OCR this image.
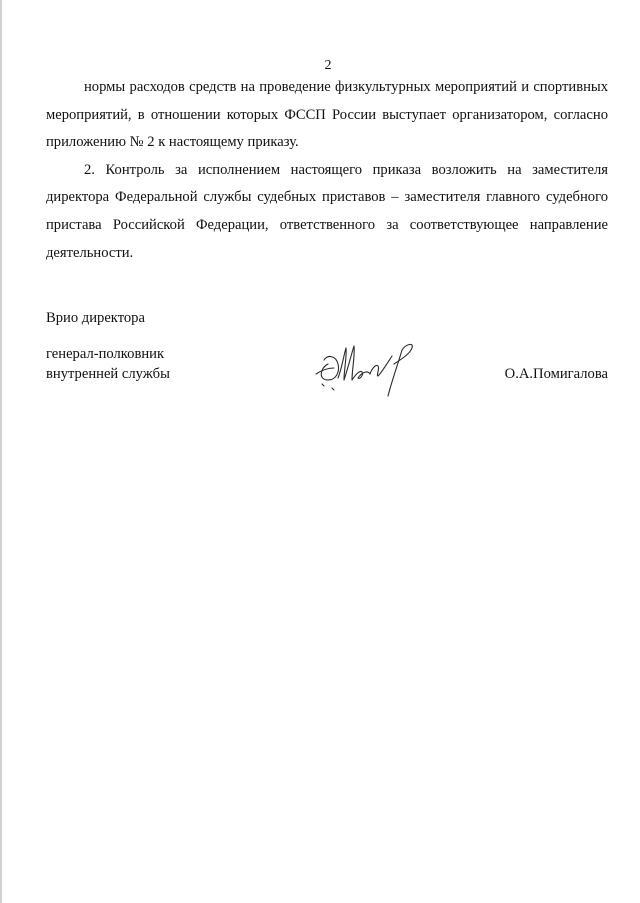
2

нормы расходов средств на проведение физкультурных мероприятий и спортивных мероприятий, в отношении которых ФССП России выступает организатором, согласно приложению № 2 к настоящему приказу.

2. Контроль за исполнением настоящего приказа возложить на заместителя директора Федеральной службы судебных приставов – заместителя главного судебного пристава Российской Федерации, ответственного за соответствующее направление деятельности.

Врио директора
генерал-полковник
внутренней службы	О.А.Помигалова
